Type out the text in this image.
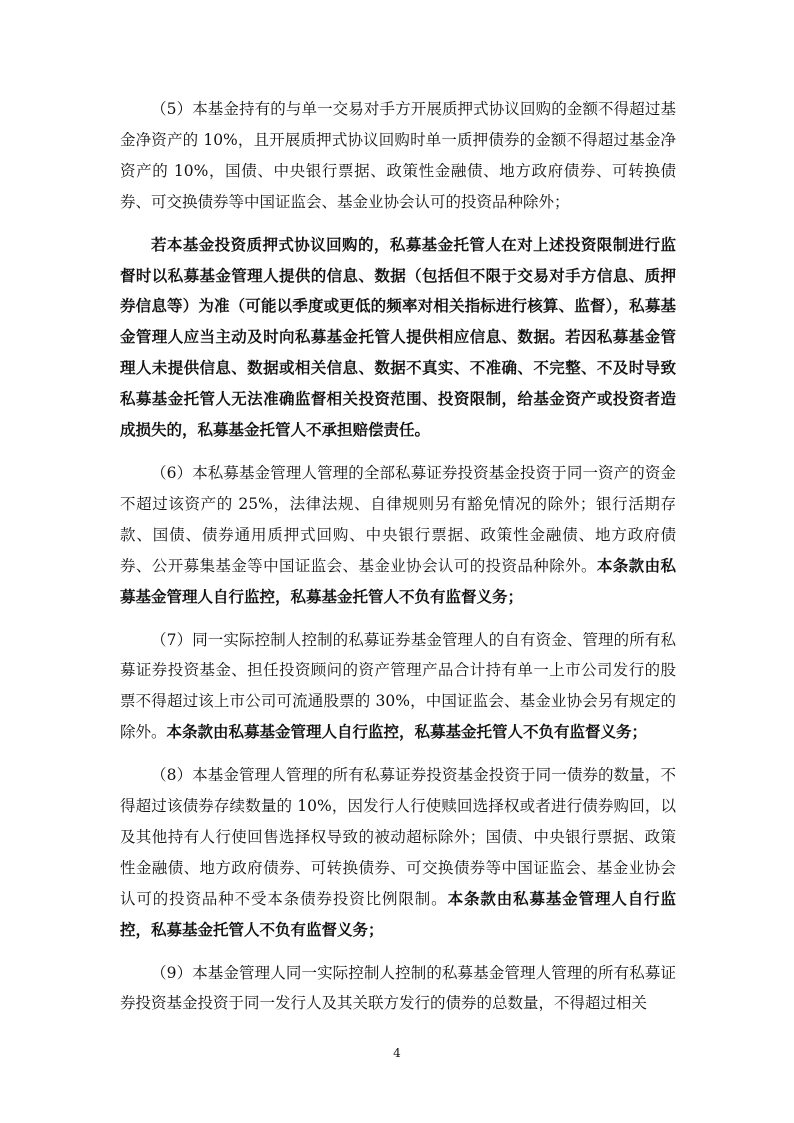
（5）本基金持有的与单一交易对手方开展质押式协议回购的金额不得超过基金净资产的 10%，且开展质押式协议回购时单一质押债券的金额不得超过基金净资产的 10%，国债、中央银行票据、政策性金融债、地方政府债券、可转换债券、可交换债券等中国证监会、基金业协会认可的投资品种除外；

若本基金投资质押式协议回购的，私募基金托管人在对上述投资限制进行监督时以私募基金管理人提供的信息、数据（包括但不限于交易对手方信息、质押券信息等）为准（可能以季度或更低的频率对相关指标进行核算、监督），私募基金管理人应当主动及时向私募基金托管人提供相应信息、数据。若因私募基金管理人未提供信息、数据或相关信息、数据不真实、不准确、不完整、不及时导致私募基金托管人无法准确监督相关投资范围、投资限制，给基金资产或投资者造成损失的，私募基金托管人不承担赔偿责任。

（6）本私募基金管理人管理的全部私募证券投资基金投资于同一资产的资金不超过该资产的 25%，法律法规、自律规则另有豁免情况的除外；银行活期存款、国债、债券通用质押式回购、中央银行票据、政策性金融债、地方政府债券、公开募集基金等中国证监会、基金业协会认可的投资品种除外。本条款由私募基金管理人自行监控，私募基金托管人不负有监督义务；

（7）同一实际控制人控制的私募证券基金管理人的自有资金、管理的所有私募证券投资基金、担任投资顾问的资产管理产品合计持有单一上市公司发行的股票不得超过该上市公司可流通股票的 30%，中国证监会、基金业协会另有规定的除外。本条款由私募基金管理人自行监控，私募基金托管人不负有监督义务；

（8）本基金管理人管理的所有私募证券投资基金投资于同一债券的数量，不得超过该债券存续数量的 10%，因发行人行使赎回选择权或者进行债券购回，以及其他持有人行使回售选择权导致的被动超标除外；国债、中央银行票据、政策性金融债、地方政府债券、可转换债券、可交换债券等中国证监会、基金业协会认可的投资品种不受本条债券投资比例限制。本条款由私募基金管理人自行监控，私募基金托管人不负有监督义务；

（9）本基金管理人同一实际控制人控制的私募基金管理人管理的所有私募证券投资基金投资于同一发行人及其关联方发行的债券的总数量，不得超过相关

4
